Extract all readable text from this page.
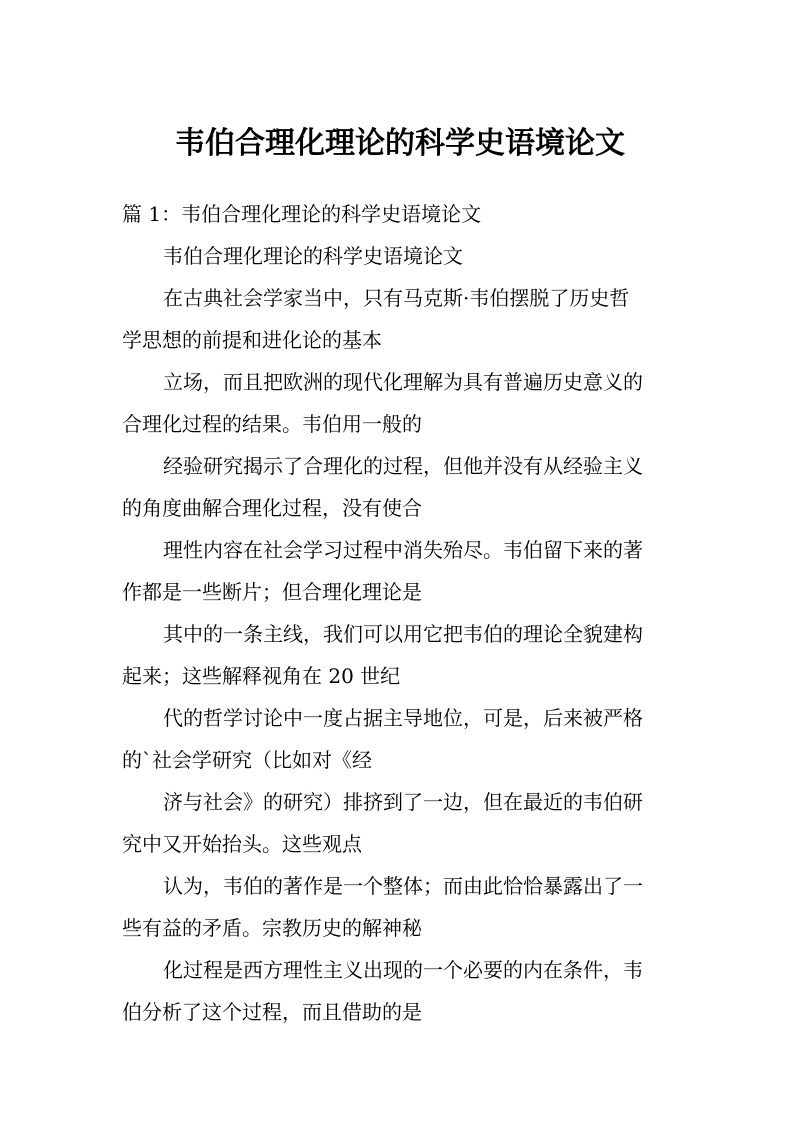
韦伯合理化理论的科学史语境论文
篇 1：韦伯合理化理论的科学史语境论文
韦伯合理化理论的科学史语境论文
在古典社会学家当中，只有马克斯·韦伯摆脱了历史哲
学思想的前提和进化论的基本
立场，而且把欧洲的现代化理解为具有普遍历史意义的
合理化过程的结果。韦伯用一般的
经验研究揭示了合理化的过程，但他并没有从经验主义
的角度曲解合理化过程，没有使合
理性内容在社会学习过程中消失殆尽。韦伯留下来的著
作都是一些断片；但合理化理论是
其中的一条主线，我们可以用它把韦伯的理论全貌建构
起来；这些解释视角在 20 世纪
代的哲学讨论中一度占据主导地位，可是，后来被严格
的`社会学研究（比如对《经
济与社会》的研究）排挤到了一边，但在最近的韦伯研
究中又开始抬头。这些观点
认为，韦伯的著作是一个整体；而由此恰恰暴露出了一
些有益的矛盾。宗教历史的解神秘
化过程是西方理性主义出现的一个必要的内在条件，韦
伯分析了这个过程，而且借助的是
